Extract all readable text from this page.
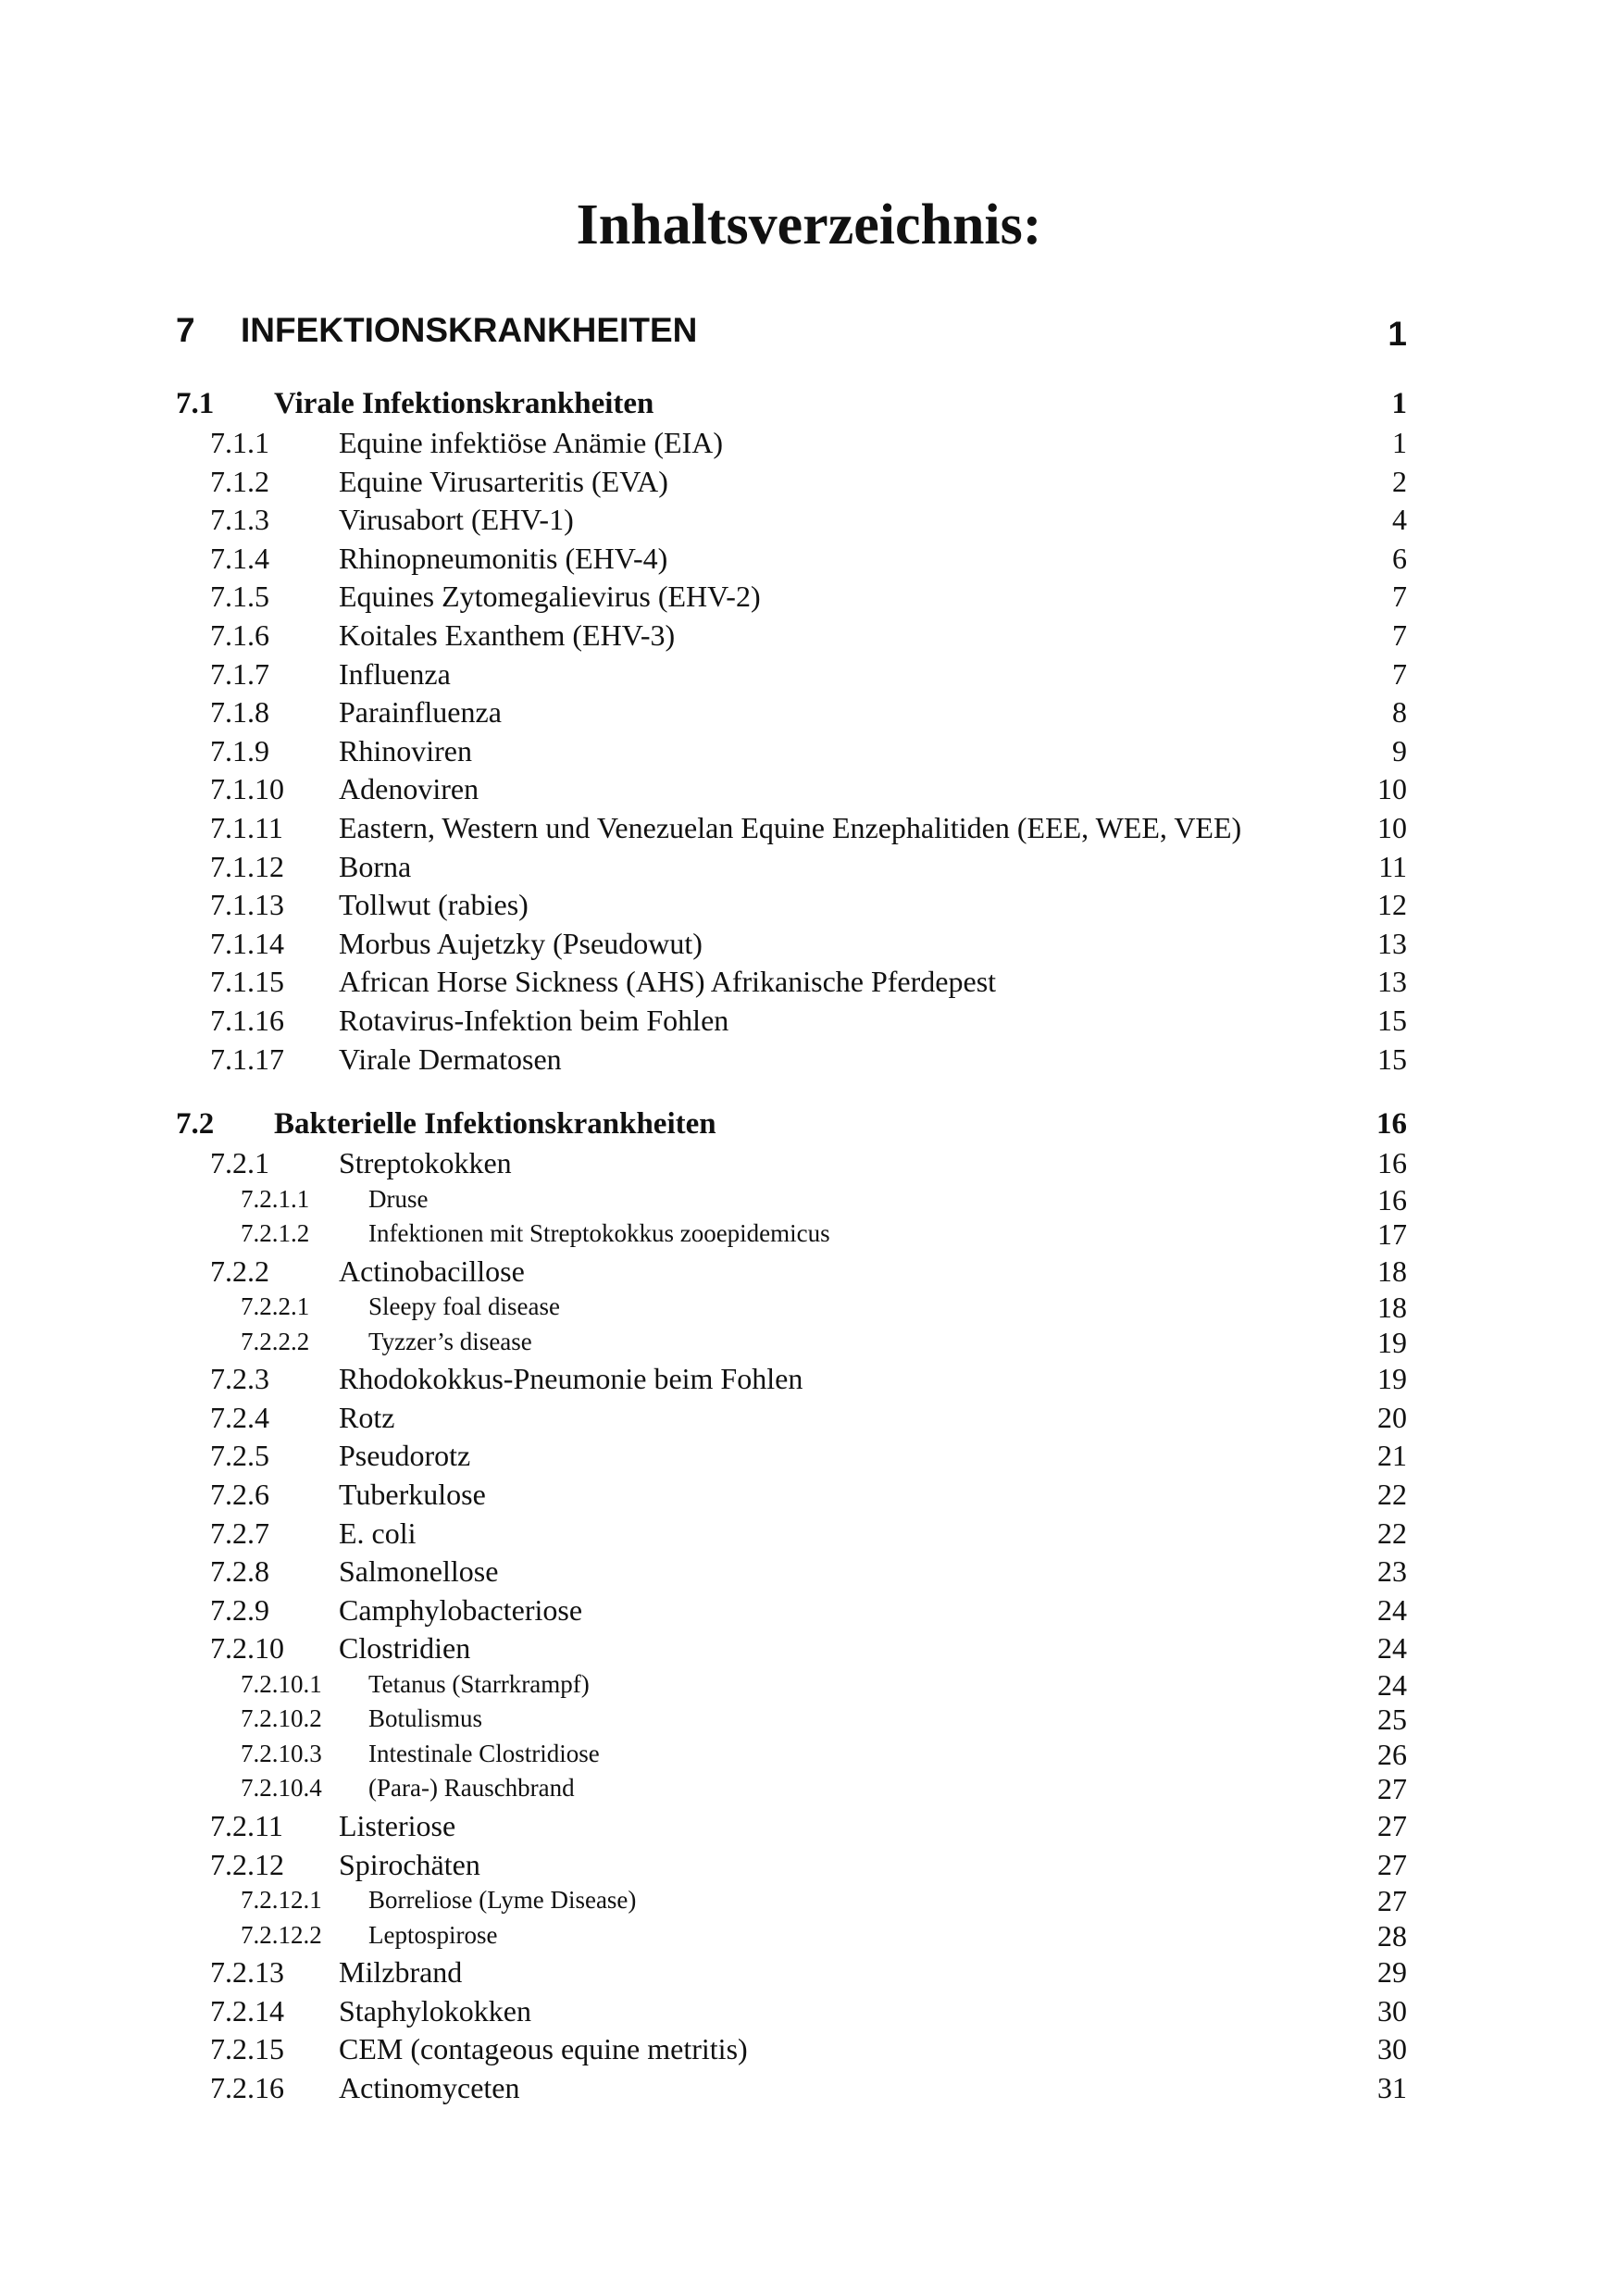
Inhaltsverzeichnis:
7 INFEKTIONSKRANKHEITEN	1
7.1 Virale Infektionskrankheiten	1
7.1.1 Equine infektiöse Anämie (EIA)	1
7.1.2 Equine Virusarteritis (EVA)	2
7.1.3 Virusabort (EHV-1)	4
7.1.4 Rhinopneumonitis (EHV-4)	6
7.1.5 Equines Zytomegalievirus (EHV-2)	7
7.1.6 Koitales Exanthem (EHV-3)	7
7.1.7 Influenza	7
7.1.8 Parainfluenza	8
7.1.9 Rhinoviren	9
7.1.10 Adenoviren	10
7.1.11 Eastern, Western und Venezuelan Equine Enzephalitiden (EEE, WEE, VEE)	10
7.1.12 Borna	11
7.1.13 Tollwut (rabies)	12
7.1.14 Morbus Aujetzky (Pseudowut)	13
7.1.15 African Horse Sickness (AHS) Afrikanische Pferdepest	13
7.1.16 Rotavirus-Infektion beim Fohlen	15
7.1.17 Virale Dermatosen	15
7.2 Bakterielle Infektionskrankheiten	16
7.2.1 Streptokokken	16
7.2.1.1 Druse	16
7.2.1.2 Infektionen mit Streptokokkus zooepidemicus	17
7.2.2 Actinobacillose	18
7.2.2.1 Sleepy foal disease	18
7.2.2.2 Tyzzer’s disease	19
7.2.3 Rhodokokkus-Pneumonie beim Fohlen	19
7.2.4 Rotz	20
7.2.5 Pseudorotz	21
7.2.6 Tuberkulose	22
7.2.7 E. coli	22
7.2.8 Salmonellose	23
7.2.9 Camphylobacteriose	24
7.2.10 Clostridien	24
7.2.10.1 Tetanus (Starrkrampf)	24
7.2.10.2 Botulismus	25
7.2.10.3 Intestinale Clostridiose	26
7.2.10.4 (Para-) Rauschbrand	27
7.2.11 Listeriose	27
7.2.12 Spirochäten	27
7.2.12.1 Borreliose (Lyme Disease)	27
7.2.12.2 Leptospirose	28
7.2.13 Milzbrand	29
7.2.14 Staphylokokken	30
7.2.15 CEM (contageous equine metritis)	30
7.2.16 Actinomyceten	31
